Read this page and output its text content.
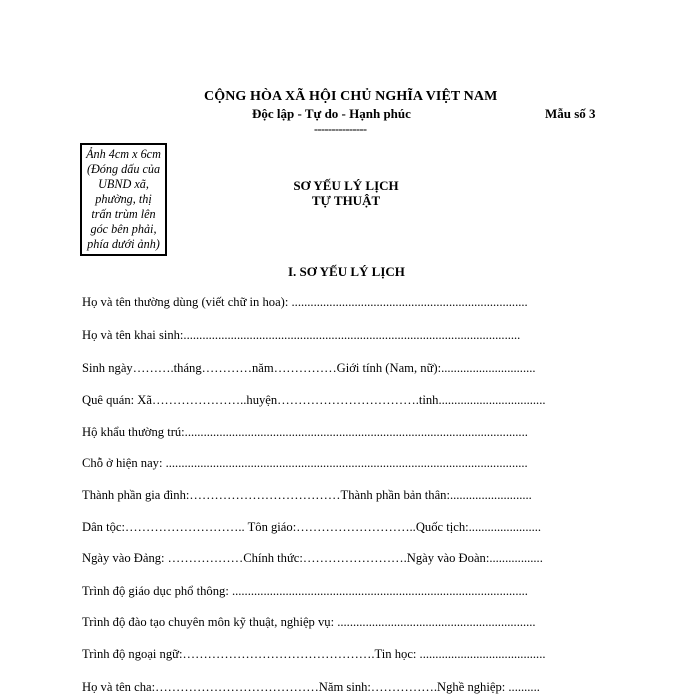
CỘNG HÒA XÃ HỘI CHỦ NGHĨA VIỆT NAM
Độc lập - Tự do - Hạnh phúc
---------------
Mẫu số 3
Ảnh 4cm x 6cm
(Đóng dấu của
UBND xã,
phường, thị
trấn trùm lên
góc bên phải,
phía dưới ảnh)
SƠ YẾU LÝ LỊCH
TỰ THUẬT
I. SƠ YẾU LÝ LỊCH
Họ và tên thường dùng (viết chữ in hoa): ...........................................................................
Họ và tên khai sinh:...........................................................................................................
Sinh ngày……….tháng…………năm……………Giới tính (Nam, nữ):..............................
Quê quán: Xã…………………..huyện…………………………….tỉnh..................................
Hộ khẩu thường trú:.............................................................................................................
Chỗ ở hiện nay: ...................................................................................................................
Thành phần gia đình:………………………………Thành phần bản thân:..........................
Dân tộc:……………………….. Tôn giáo:………………………..Quốc tịch:.......................
Ngày vào Đảng: ………………Chính thức:…………………….Ngày vào Đoàn:.................
Trình độ giáo dục phổ thông: ..............................................................................................
Trình độ đào tạo chuyên môn kỹ thuật, nghiệp vụ: ...............................................................
Trình độ ngoại ngữ:……………………………………….Tin học: ........................................
Họ và tên cha:…………………………………Năm sinh:…………….Nghề nghiệp: ..........
